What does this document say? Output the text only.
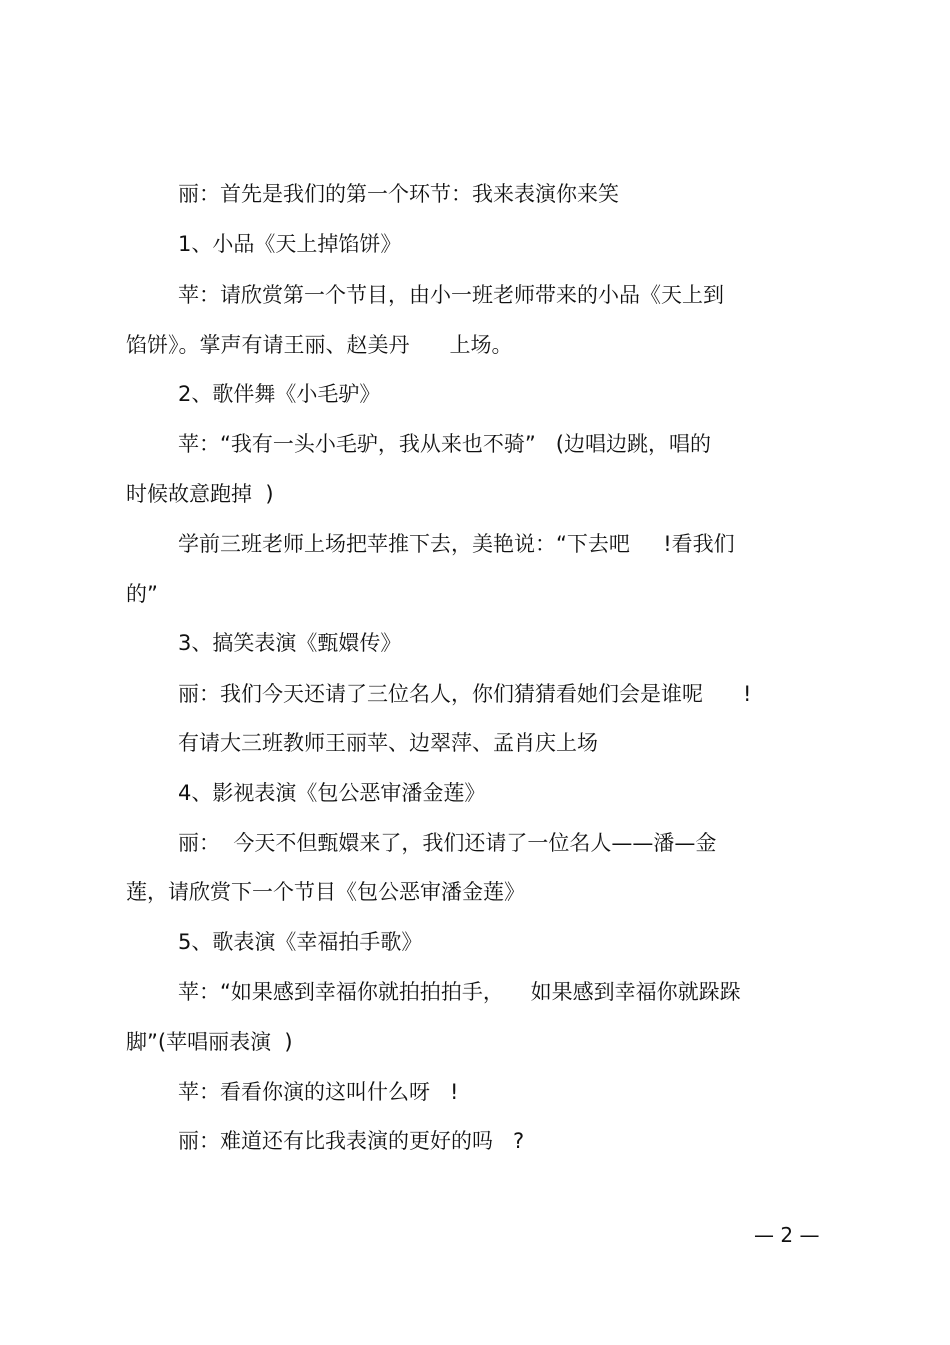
丽：首先是我们的第一个环节：我来表演你来笑
1、小品《天上掉馅饼》
苹：请欣赏第一个节目，由小一班老师带来的小品《天上到
馅饼》。掌声有请王丽、赵美丹      上场。
2、歌伴舞《小毛驴》
苹：“我有一头小毛驴，我从来也不骑”   (边唱边跳，唱的
时候故意跑掉  )
学前三班老师上场把苹推下去，美艳说：“下去吧     !看我们
的”
3、搞笑表演《甄嬛传》
丽：我们今天还请了三位名人，你们猜猜看她们会是谁呢      !
有请大三班教师王丽苹、边翠萍、孟肖庆上场
4、影视表演《包公恶审潘金莲》
丽：  今天不但甄嬛来了，我们还请了一位名人——潘—金
莲，请欣赏下一个节目《包公恶审潘金莲》
5、歌表演《幸福拍手歌》
苹：“如果感到幸福你就拍拍拍手，    如果感到幸福你就跺跺
脚”(苹唱丽表演  )
苹：看看你演的这叫什么呀   !
丽：难道还有比我表演的更好的吗   ?
— 2 —
